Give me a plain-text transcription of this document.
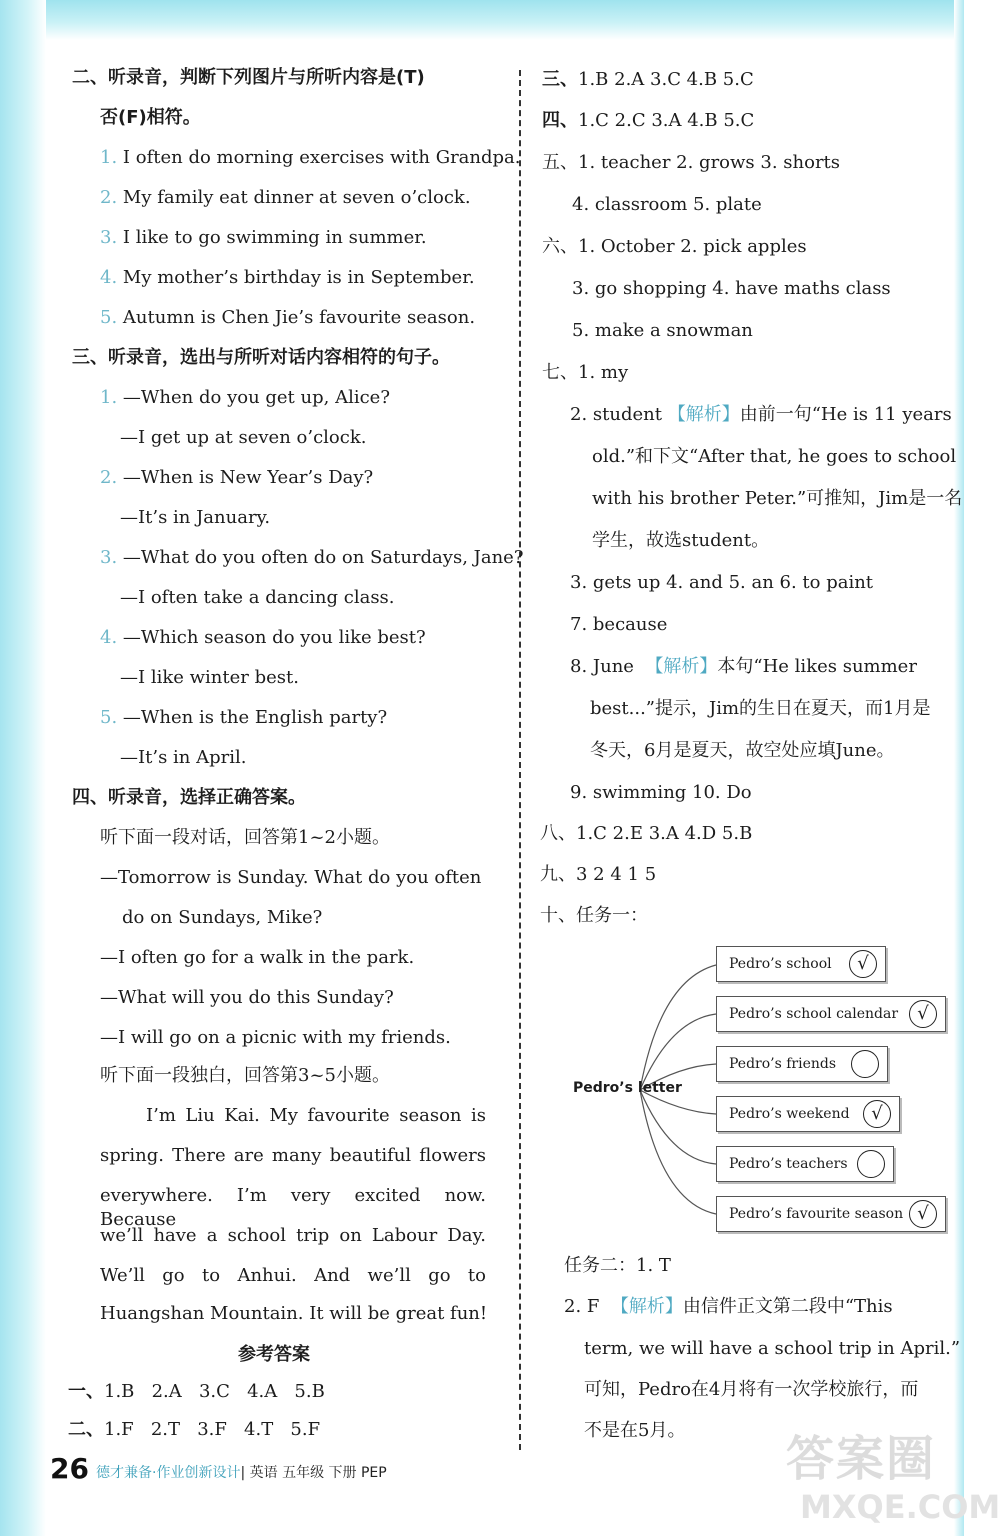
二、听录音，判断下列图片与所听内容是(T)
否(F)相符。
1. I often do morning exercises with Grandpa.
2. My family eat dinner at seven o’clock.
3. I like to go swimming in summer.
4. My mother’s birthday is in September.
5. Autumn is Chen Jie’s favourite season.
三、听录音，选出与所听对话内容相符的句子。
1. —When do you get up, Alice?
—I get up at seven o’clock.
2. —When is New Year’s Day?
—It’s in January.
3. —What do you often do on Saturdays, Jane?
—I often take a dancing class.
4. —Which season do you like best?
—I like winter best.
5. —When is the English party?
—It’s in April.
四、听录音，选择正确答案。
听下面一段对话，回答第1~2小题。
—Tomorrow is Sunday. What do you often
do on Sundays, Mike?
—I often go for a walk in the park.
—What will you do this Sunday?
—I will go on a picnic with my friends.
听下面一段独白，回答第3~5小题。
I’m Liu Kai. My favourite season is
spring. There are many beautiful flowers
everywhere. I’m very excited now. Because
we’ll have a school trip on Labour Day.
We’ll go to Anhui. And we’ll go to
Huangshan Mountain. It will be great fun!
参考答案
一、1.B 2.A 3.C 4.A 5.B
二、1.F 2.T 3.F 4.T 5.F
三、1.B 2.A 3.C 4.B 5.C
四、1.C 2.C 3.A 4.B 5.C
五、1. teacher 2. grows 3. shorts
4. classroom 5. plate
六、1. October 2. pick apples
3. go shopping 4. have maths class
5. make a snowman
七、1. my
2. student 【解析】由前一句“He is 11 years
old.”和下文“After that, he goes to school
with his brother Peter.”可推知，Jim是一名
学生，故选student。
3. gets up 4. and 5. an 6. to paint
7. because
8. June 【解析】本句“He likes summer
best...”提示，Jim的生日在夏天，而1月是
冬天，6月是夏天，故空处应填June。
9. swimming 10. Do
八、1.C 2.E 3.A 4.D 5.B
九、3 2 4 1 5
十、任务一：
Pedro’s letter
Pedro’s school	√
Pedro’s school calendar	√
Pedro’s friends
Pedro’s weekend	√
Pedro’s teachers
Pedro’s favourite season √
任务二：1. T
2. F 【解析】由信件正文第二段中“This
term, we will have a school trip in April.”
可知，Pedro在4月将有一次学校旅行，而
不是在5月。
26 德才兼备·作业创新设计| 英语 五年级 下册 PEP	答案圈
MXQE.COM
